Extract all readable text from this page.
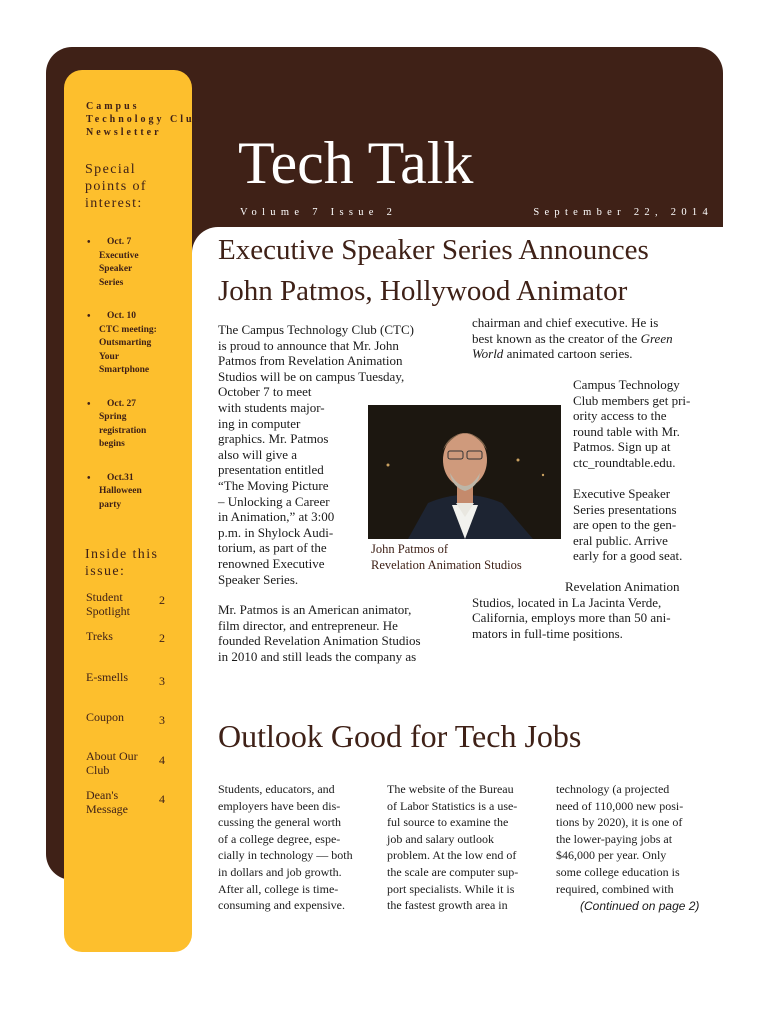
Campus
Technology Club
Newsletter
Special
points of
interest:
• Oct. 7
Executive
Speaker
Series
• Oct. 10
CTC meeting:
Outsmarting
Your
Smartphone
• Oct. 27
Spring
registration
begins
• Oct.31
Halloween
party
Inside this
issue:
Student
Spotlight
2
Treks	2
E-smells	3
Coupon	3
About Our
Club
4
Dean's
Message
4
Tech Talk
Volume 7 Issue 2	September 22, 2014
Executive Speaker Series Announces
John Patmos, Hollywood Animator
The Campus Technology Club (CTC)
is proud to announce that Mr. John
Patmos from Revelation Animation
Studios will be on campus Tuesday,
October 7 to meet
with students major-
ing in computer
graphics. Mr. Patmos
also will give a
presentation entitled
“The Moving Picture
– Unlocking a Career
in Animation,” at 3:00
p.m. in Shylock Audi-
torium, as part of the
renowned Executive
Speaker Series.
Mr. Patmos is an American animator,
film director, and entrepreneur. He
founded Revelation Animation Studios
in 2010 and still leads the company as
chairman and chief executive. He is
best known as the creator of the Green
World animated cartoon series.
Campus Technology
Club members get pri-
ority access to the
round table with Mr.
Patmos. Sign up at
ctc_roundtable.edu.
Executive Speaker
Series presentations
are open to the gen-
eral public. Arrive
early for a good seat.
Revelation Animation
Studios, located in La Jacinta Verde,
California, employs more than 50 ani-
mators in full-time positions.
John Patmos of
Revelation Animation Studios
Outlook Good for Tech Jobs
Students, educators, and
employers have been dis-
cussing the general worth
of a college degree, espe-
cially in technology — both
in dollars and job growth.
After all, college is time-
consuming and expensive.
The website of the Bureau
of Labor Statistics is a use-
ful source to examine the
job and salary outlook
problem. At the low end of
the scale are computer sup-
port specialists. While it is
the fastest growth area in
technology (a projected
need of 110,000 new posi-
tions by 2020), it is one of
the lower-paying jobs at
$46,000 per year. Only
some college education is
required, combined with
(Continued on page 2)
